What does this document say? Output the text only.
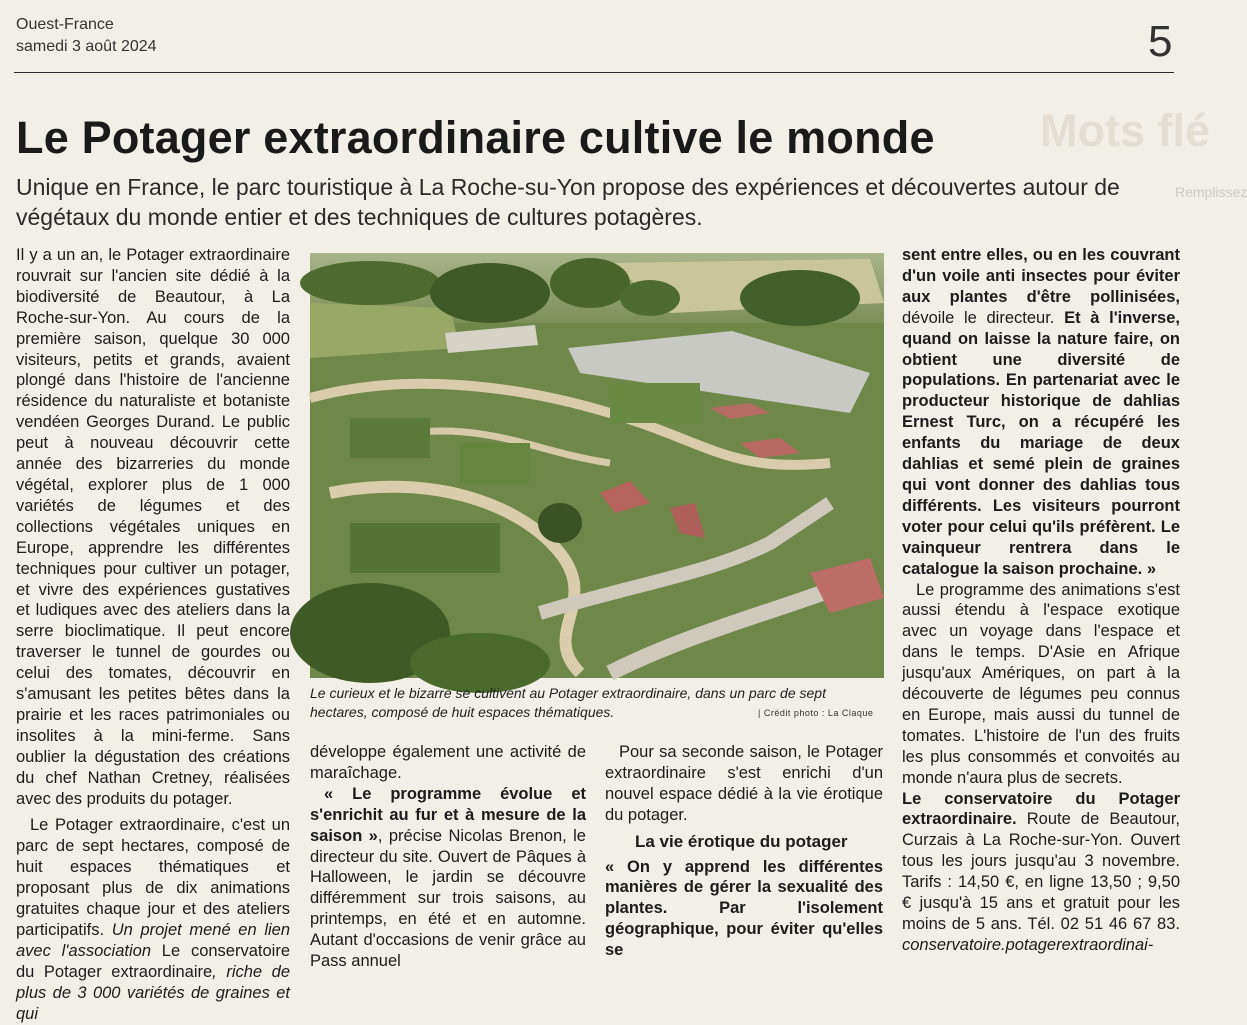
Ouest-France
samedi 3 août 2024	5
Mots flé
Remplissez
Le Potager extraordinaire cultive le monde
Unique en France, le parc touristique à La Roche-su-Yon propose des expériences et découvertes autour de végétaux du monde entier et des techniques de cultures potagères.

Il y a un an, le Potager extraordinaire rouvrait sur l'ancien site dédié à la biodiversité de Beautour, à La Roche-sur-Yon. Au cours de la première saison, quelque 30 000 visiteurs, petits et grands, avaient plongé dans l'histoire de l'ancienne résidence du naturaliste et botaniste vendéen Georges Durand. Le public peut à nouveau découvrir cette année des bizarreries du monde végétal, explorer plus de 1 000 variétés de légumes et des collections végétales uniques en Europe, apprendre les différentes techniques pour cultiver un potager, et vivre des expériences gustatives et ludiques avec des ateliers dans la serre bioclimatique. Il peut encore traverser le tunnel de gourdes ou celui des tomates, découvrir en s'amusant les petites bêtes dans la prairie et les races patrimoniales ou insolites à la mini-ferme. Sans oublier la dégustation des créations du chef Nathan Cretney, réalisées avec des produits du potager.

Le Potager extraordinaire, c'est un parc de sept hectares, composé de huit espaces thématiques et proposant plus de dix animations gratuites chaque jour et des ateliers participatifs. Un projet mené en lien avec l'association Le conservatoire du Potager extraordinaire, riche de plus de 3 000 variétés de graines et qui

Le curieux et le bizarre se cultivent au Potager extraordinaire, dans un parc de sept hectares, composé de huit espaces thématiques.	| Crédit photo : La Claque

développe également une activité de maraîchage.

« Le programme évolue et s'enrichit au fur et à mesure de la saison », précise Nicolas Brenon, le directeur du site. Ouvert de Pâques à Halloween, le jardin se découvre différemment sur trois saisons, au printemps, en été et en automne. Autant d'occasions de venir grâce au Pass annuel

Pour sa seconde saison, le Potager extraordinaire s'est enrichi d'un nouvel espace dédié à la vie érotique du potager.

La vie érotique du potager

« On y apprend les différentes manières de gérer la sexualité des plantes. Par l'isolement géographique, pour éviter qu'elles se

sent entre elles, ou en les couvrant d'un voile anti insectes pour éviter aux plantes d'être pollinisées, dévoile le directeur. Et à l'inverse, quand on laisse la nature faire, on obtient une diversité de populations. En partenariat avec le producteur historique de dahlias Ernest Turc, on a récupéré les enfants du mariage de deux dahlias et semé plein de graines qui vont donner des dahlias tous différents. Les visiteurs pourront voter pour celui qu'ils préfèrent. Le vainqueur rentrera dans le catalogue la saison prochaine. »

Le programme des animations s'est aussi étendu à l'espace exotique avec un voyage dans l'espace et dans le temps. D'Asie en Afrique jusqu'aux Amériques, on part à la découverte de légumes peu connus en Europe, mais aussi du tunnel de tomates. L'histoire de l'un des fruits les plus consommés et convoités au monde n'aura plus de secrets.

Le conservatoire du Potager extraordinaire. Route de Beautour, Curzais à La Roche-sur-Yon. Ouvert tous les jours jusqu'au 3 novembre. Tarifs : 14,50 €, en ligne 13,50 ; 9,50 € jusqu'à 15 ans et gratuit pour les moins de 5 ans. Tél. 02 51 46 67 83. conservatoire.potagerextraordinai-
